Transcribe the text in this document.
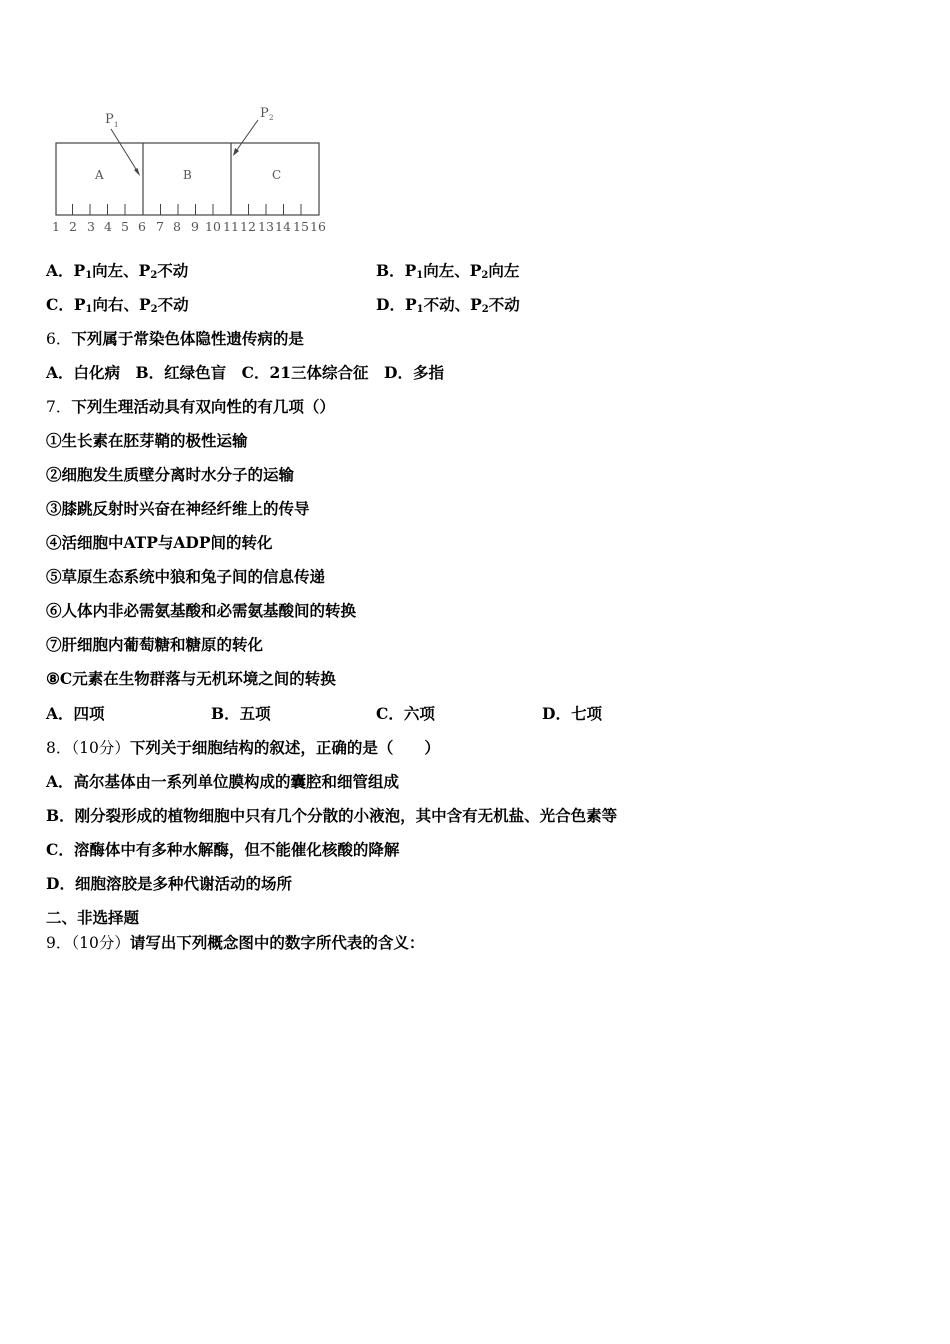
A	B	C
P 1
P 2
1 2 3 4 5 6 7 8 9 10 11 12 13 14 15 16
A．$P_1$向左、$P_2$不动	B．$P_1$向左、$P_2$向左
C．$P_1$向右、$P_2$不动	D．$P_1$不动、$P_2$不动
6．下列属于常染色体隐性遗传病的是
A．白化病　B．红绿色盲　C．21三体综合征　D．多指
7．下列生理活动具有双向性的有几项（）
①生长素在胚芽鞘的极性运输
②细胞发生质壁分离时水分子的运输
③膝跳反射时兴奋在神经纤维上的传导
④活细胞中ATP与ADP间的转化
⑤草原生态系统中狼和兔子间的信息传递
⑥人体内非必需氨基酸和必需氨基酸间的转换
⑦肝细胞内葡萄糖和糖原的转化
⑧C元素在生物群落与无机环境之间的转换
A．四项	B．五项	C．六项	D．七项
8．（10分）下列关于细胞结构的叙述，正确的是（　　）
A．高尔基体由一系列单位膜构成的囊腔和细管组成
B．刚分裂形成的植物细胞中只有几个分散的小液泡，其中含有无机盐、光合色素等
C．溶酶体中有多种水解酶，但不能催化核酸的降解
D．细胞溶胶是多种代谢活动的场所
二、非选择题
9．（10分）请写出下列概念图中的数字所代表的含义：
